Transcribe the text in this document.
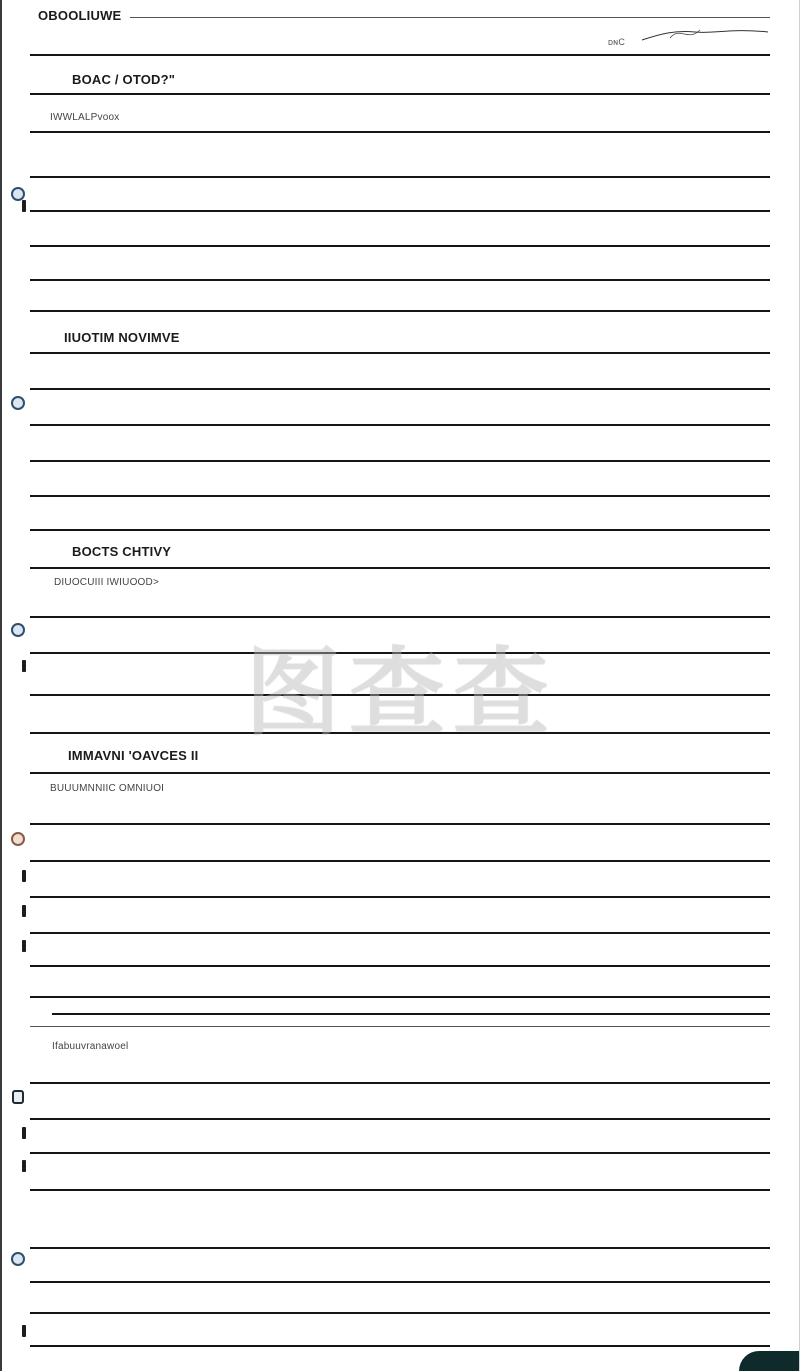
OBOOLIUWE
ᴅɴC
BOAC / OTOD?"
IWWLALPvoox
IIUOTIM NOVIMVE
BOCTS CHTIVY
DIUOCUIII IWIUOOD>
IMMAVNI 'OAVCES II
BUUUMNNIIC OMNIUOI
Ifabuuvranawoel
图查查
